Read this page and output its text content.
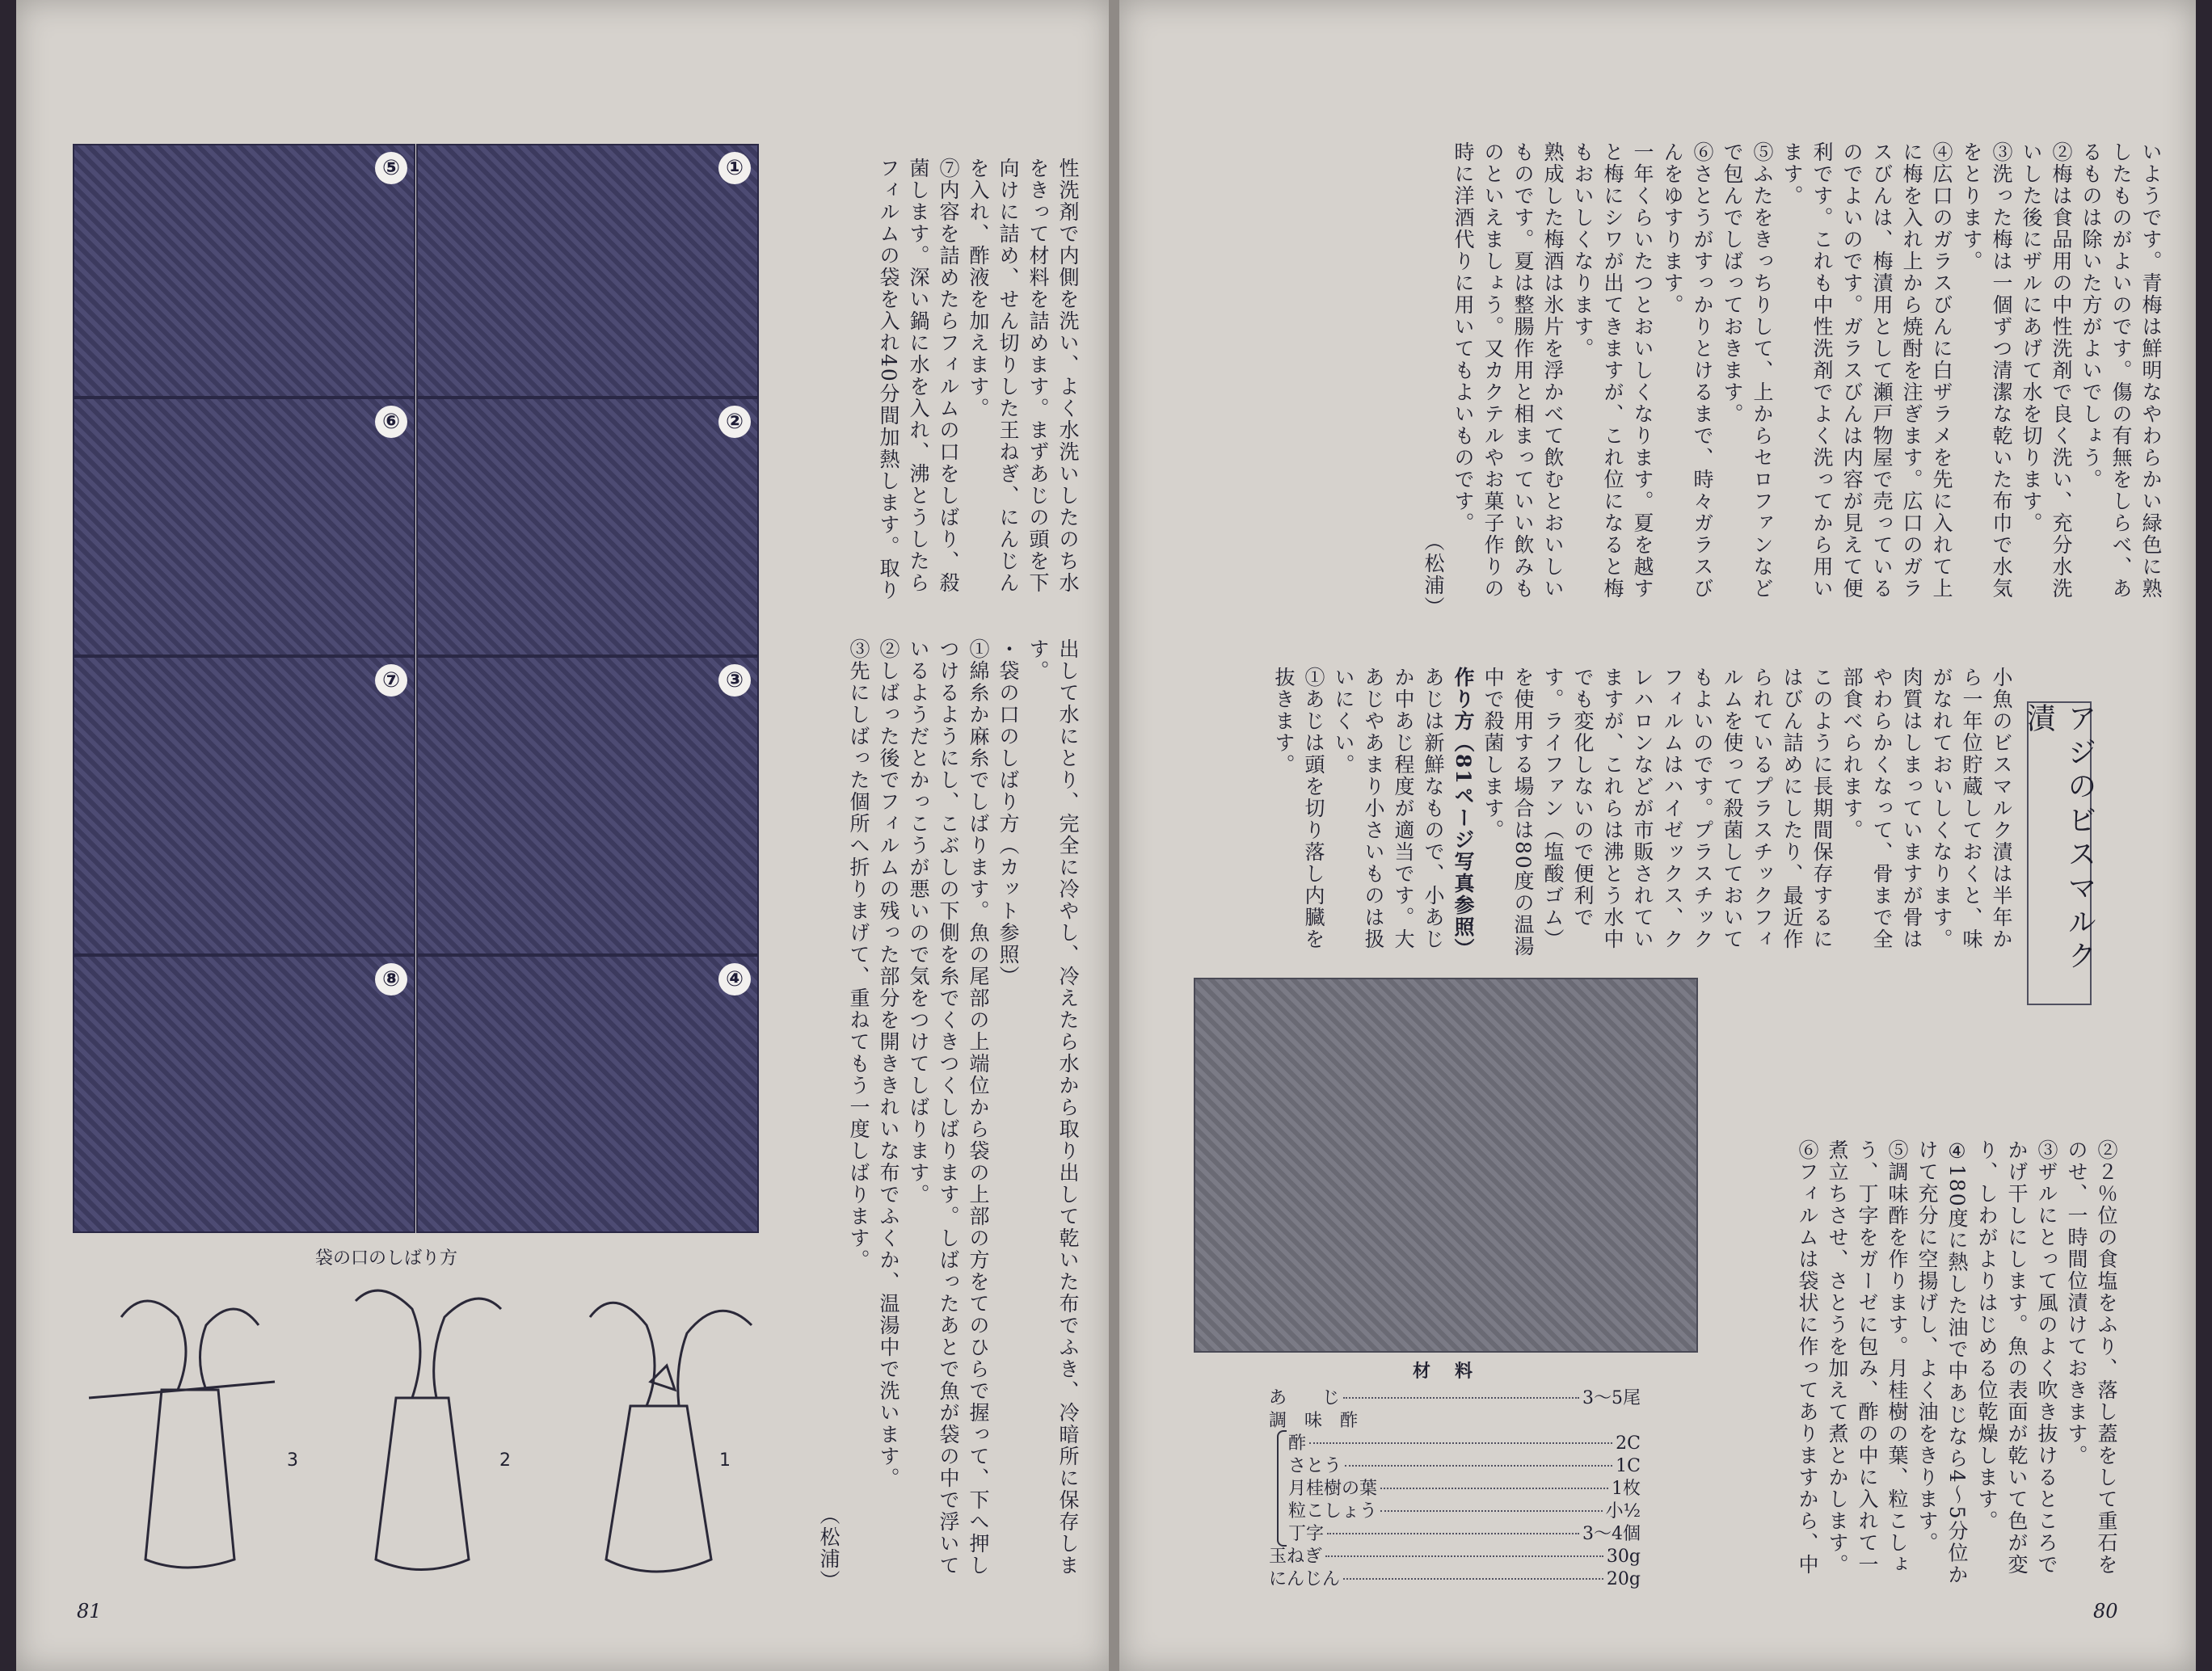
⑤	①
⑥	②
⑦	③
⑧	④
袋の口のしばり方
3	2	1

性洗剤で内側を洗い、よく水洗いしたのち水をきって材料を詰めます。まずあじの頭を下向けに詰め、せん切りした王ねぎ、にんじんを入れ、酢液を加えます。

⑦内容を詰めたらフィルムの口をしばり、殺菌します。深い鍋に水を入れ、沸とうしたらフィルムの袋を入れ40分間加熱します。取り

出して水にとり、完全に冷やし、冷えたら水から取り出して乾いた布でふき、冷暗所に保存します。

・袋の口のしばり方（カット参照）

①綿糸か麻糸でしばります。魚の尾部の上端位から袋の上部の方をてのひらで握って、下へ押しつけるようにし、こぶしの下側を糸でくきつくしばります。しばったあとで魚が袋の中で浮いているようだとかっこうが悪いので気をつけてしばります。

②しばった後でフィルムの残った部分を開ききれいな布でふくか、温湯中で洗います。

③先にしばった個所へ折りまげて、重ねてもう一度しばります。

（松浦）

81

いようです。青梅は鮮明なやわらかい緑色に熟したものがよいのです。傷の有無をしらべ、あるものは除いた方がよいでしょう。

②梅は食品用の中性洗剤で良く洗い、充分水洗いした後にザルにあげて水を切ります。

③洗った梅は一個ずつ清潔な乾いた布巾で水気をとります。

④広口のガラスびんに白ザラメを先に入れて上に梅を入れ上から焼酎を注ぎます。広口のガラスびんは、梅漬用として瀬戸物屋で売っているのでよいのです。ガラスびんは内容が見えて便利です。これも中性洗剤でよく洗ってから用います。

⑤ふたをきっちりして、上からセロファンなどで包んでしばっておきます。

⑥さとうがすっかりとけるまで、時々ガラスびんをゆすります。

一年くらいたつとおいしくなります。夏を越すと梅にシワが出てきますが、これ位になると梅もおいしくなります。

熟成した梅酒は氷片を浮かべて飲むとおいしいものです。夏は整腸作用と相まっていい飲みものといえましょう。又カクテルやお菓子作りの時に洋酒代りに用いてもよいものです。

（松浦）

小魚のビスマルク漬は半年から一年位貯蔵しておくと、味がなれておいしくなります。肉質はしまっていますが骨はやわらかくなって、骨まで全部食べられます。

このように長期間保存するにはびん詰めにしたり、最近作られているプラスチックフィルムを使って殺菌しておいてもよいのです。プラスチックフィルムはハイゼックス、クレハロンなどが市販されていますが、これらは沸とう水中でも変化しないので便利です。ライファン（塩酸ゴム）を使用する場合は80度の温湯中で殺菌します。

作り方（81ページ写真参照）

あじは新鮮なもので、小あじか中あじ程度が適当です。大あじやあまり小さいものは扱いにくい。

①あじは頭を切り落し内臓を抜きます。

②２％位の食塩をふり、落し蓋をして重石をのせ、一時間位漬けておきます。

③ザルにとって風のよく吹き抜けるところでかげ干しにします。魚の表面が乾いて色が変り、しわがよりはじめる位乾燥します。

④180度に熱した油で中あじなら4～5分位かけて充分に空揚げし、よく油をきります。

⑤調味酢を作ります。月桂樹の葉、粒こしょう、丁字をガーゼに包み、酢の中に入れて一煮立ちさせ、さとうを加えて煮とかします。

⑥フィルムは袋状に作ってありますから、中

80
アジのビスマルク漬
材料
あ　　じ	3～5尾
調　味　酢
酢	2C
さとう	1C
月桂樹の葉	1枚
粒こしょう	小½
丁字	3～4個
玉ねぎ	30g
にんじん	20g
